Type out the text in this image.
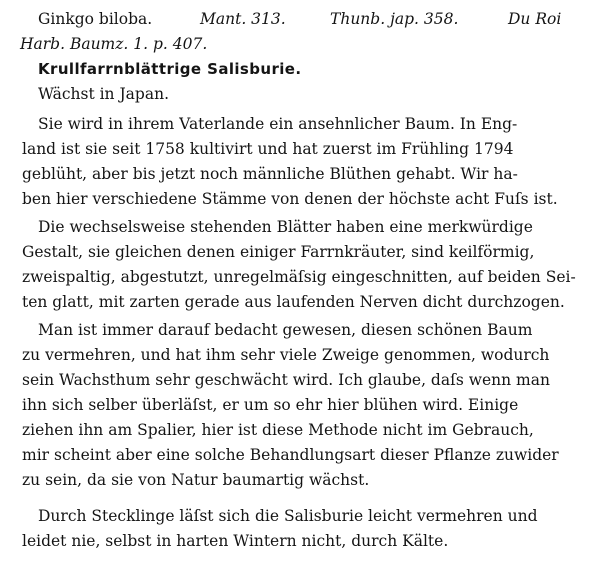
Ginkgo biloba.	Mant. 313.	Thunb. jap. 358.	Du Roi
Harb. Baumz. 1. p. 407.
Krullfarrnblättrige Salisburie.
Wächst in Japan.
Sie wird in ihrem Vaterlande ein ansehnlicher Baum. In Eng-
land ist sie seit 1758 kultivirt und hat zuerst im Frühling 1794
geblüht, aber bis jetzt noch männliche Blüthen gehabt. Wir ha-
ben hier verschiedene Stämme von denen der höchste acht Fuſs ist.
Die wechselsweise stehenden Blätter haben eine merkwürdige
Gestalt, sie gleichen denen einiger Farrnkräuter, sind keilförmig,
zweispaltig, abgestutzt, unregelmäſsig eingeschnitten, auf beiden Sei-
ten glatt, mit zarten gerade aus laufenden Nerven dicht durchzogen.
Man ist immer darauf bedacht gewesen, diesen schönen Baum
zu vermehren, und hat ihm sehr viele Zweige genommen, wodurch
sein Wachsthum sehr geschwächt wird. Ich glaube, daſs wenn man
ihn sich selber überläſst, er um so ehr hier blühen wird. Einige
ziehen ihn am Spalier, hier ist diese Methode nicht im Gebrauch,
mir scheint aber eine solche Behandlungsart dieser Pflanze zuwider
zu sein, da sie von Natur baumartig wächst.
Durch Stecklinge läſst sich die Salisburie leicht vermehren und
leidet nie, selbst in harten Wintern nicht, durch Kälte.
